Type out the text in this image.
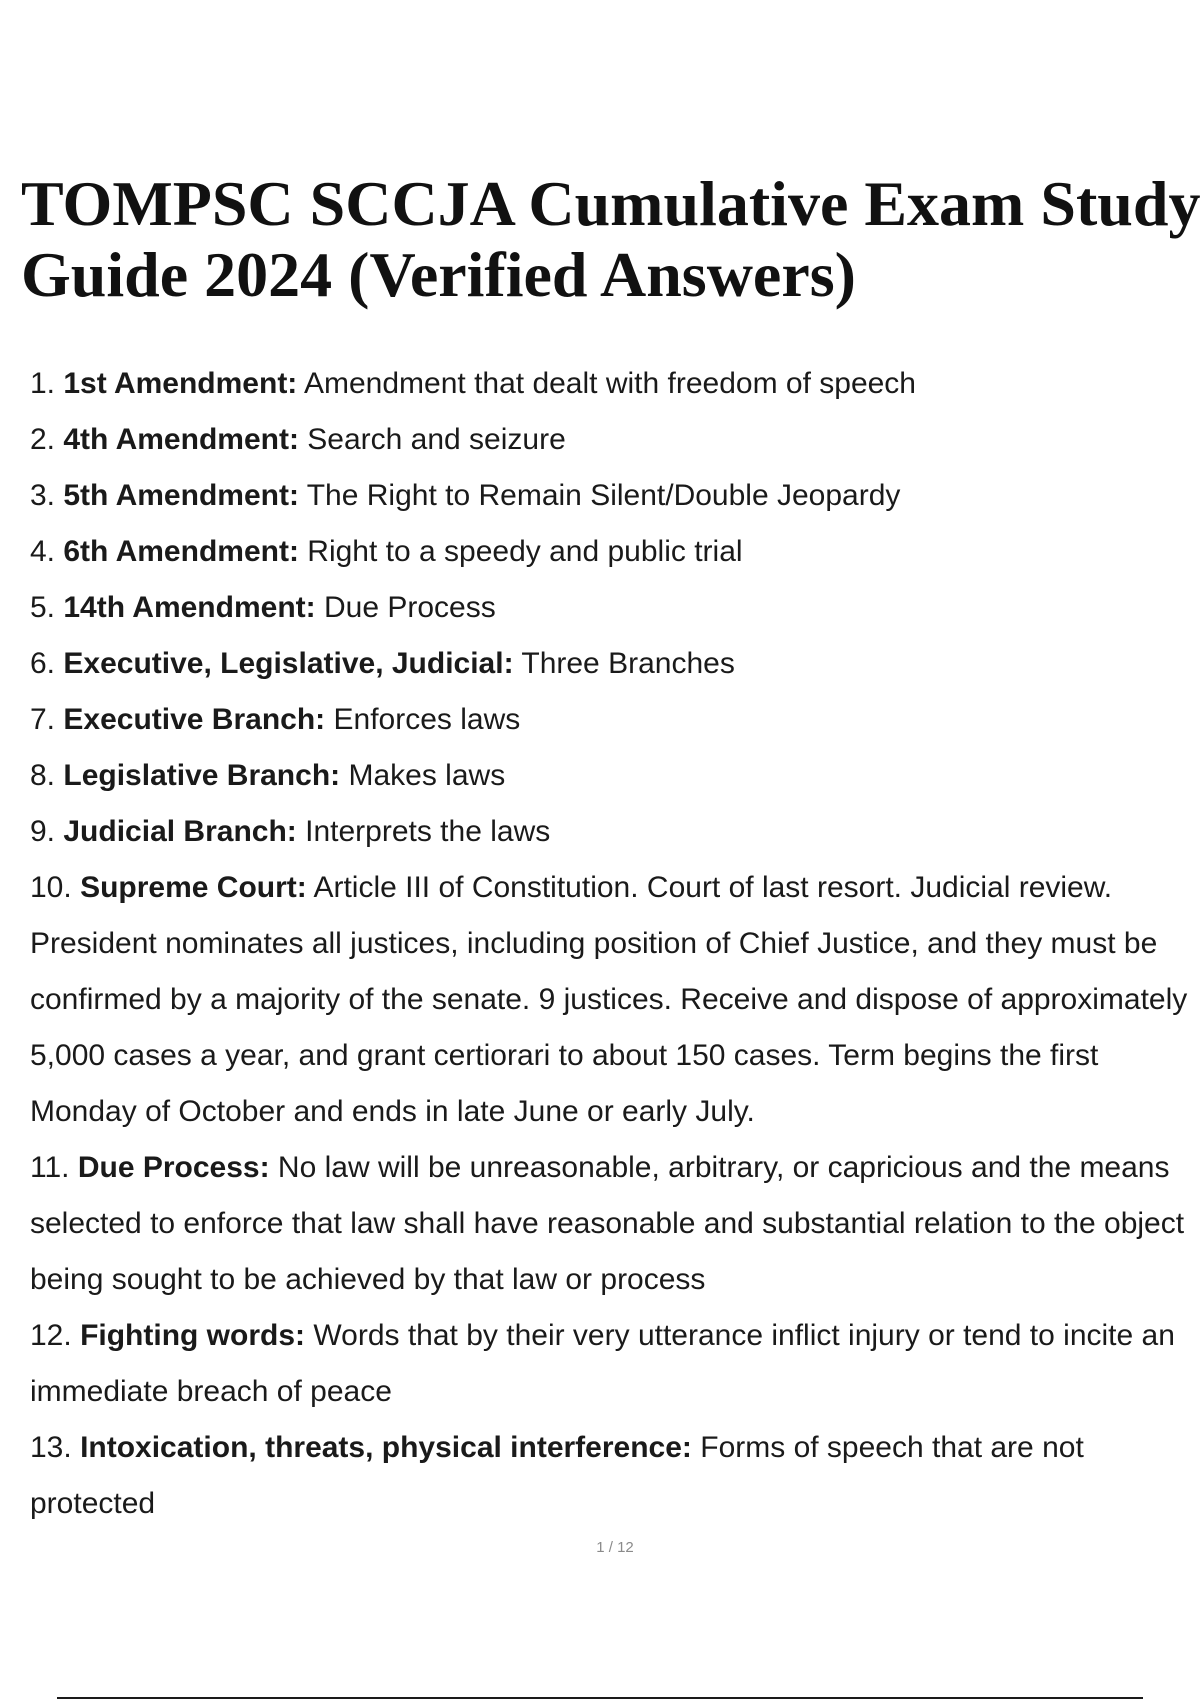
TOMPSC SCCJA Cumulative Exam Study
Guide 2024 (Verified Answers)
1. 1st Amendment: Amendment that dealt with freedom of speech
2. 4th Amendment: Search and seizure
3. 5th Amendment: The Right to Remain Silent/Double Jeopardy
4. 6th Amendment: Right to a speedy and public trial
5. 14th Amendment: Due Process
6. Executive, Legislative, Judicial: Three Branches
7. Executive Branch: Enforces laws
8. Legislative Branch: Makes laws
9. Judicial Branch: Interprets the laws
10. Supreme Court: Article III of Constitution. Court of last resort. Judicial review. President nominates all justices, including position of Chief Justice, and they must be confirmed by a majority of the senate. 9 justices. Receive and dispose of approximately 5,000 cases a year, and grant certiorari to about 150 cases. Term begins the first Monday of October and ends in late June or early July.
11. Due Process: No law will be unreasonable, arbitrary, or capricious and the means selected to enforce that law shall have reasonable and substantial relation to the object being sought to be achieved by that law or process
12. Fighting words: Words that by their very utterance inflict injury or tend to incite an immediate breach of peace
13. Intoxication, threats, physical interference: Forms of speech that are not protected
1 / 12
